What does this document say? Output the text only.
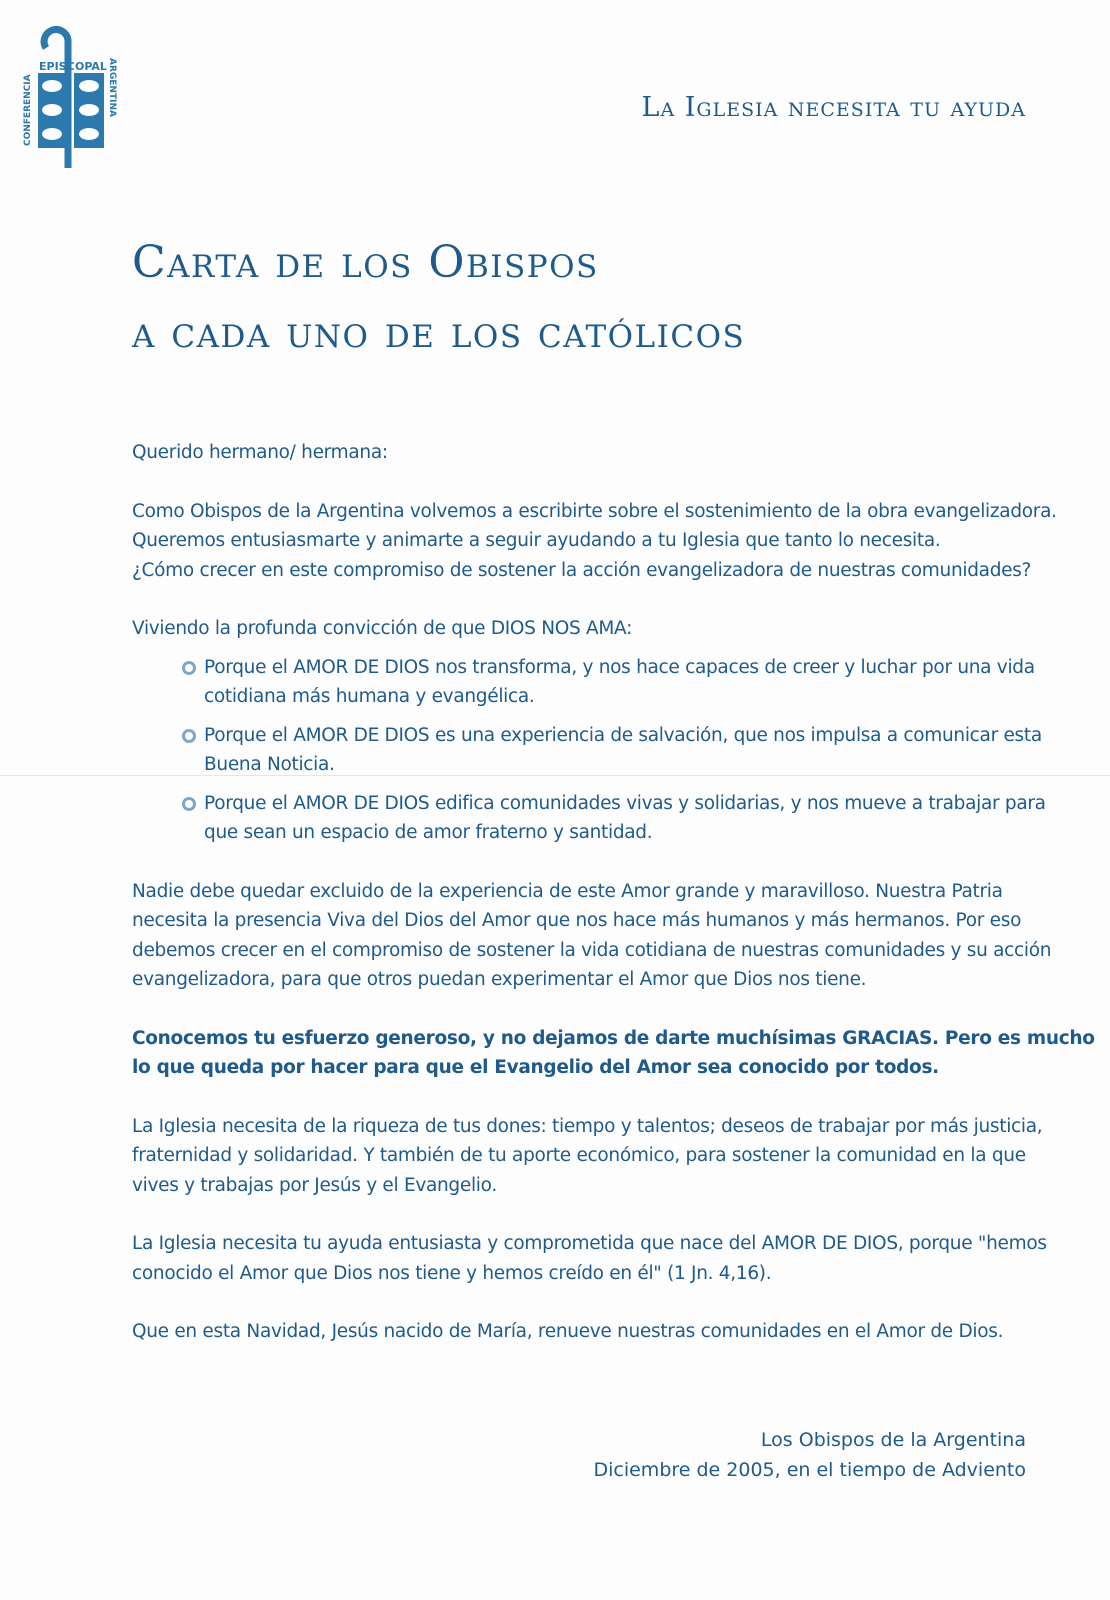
EPISC OPAL
CONFERENCIA	ARGENTINA	La Iglesia necesita tu ayuda
Carta de los Obispos
a cada uno de los católicos

Querido hermano/ hermana:

Como Obispos de la Argentina volvemos a escribirte sobre el sostenimiento de la obra evangelizadora.
Queremos entusiasmarte y animarte a seguir ayudando a tu Iglesia que tanto lo necesita.
¿Cómo crecer en este compromiso de sostener la acción evangelizadora de nuestras comunidades?

Viviendo la profunda convicción de que DIOS NOS AMA:

Porque el AMOR DE DIOS nos transforma, y nos hace capaces de creer y luchar por una vida
cotidiana más humana y evangélica.
Porque el AMOR DE DIOS es una experiencia de salvación, que nos impulsa a comunicar esta
Buena Noticia.
Porque el AMOR DE DIOS edifica comunidades vivas y solidarias, y nos mueve a trabajar para
que sean un espacio de amor fraterno y santidad.

Nadie debe quedar excluido de la experiencia de este Amor grande y maravilloso. Nuestra Patria
necesita la presencia Viva del Dios del Amor que nos hace más humanos y más hermanos. Por eso
debemos crecer en el compromiso de sostener la vida cotidiana de nuestras comunidades y su acción
evangelizadora, para que otros puedan experimentar el Amor que Dios nos tiene.

Conocemos tu esfuerzo generoso, y no dejamos de darte muchísimas GRACIAS. Pero es mucho
lo que queda por hacer para que el Evangelio del Amor sea conocido por todos.

La Iglesia necesita de la riqueza de tus dones: tiempo y talentos; deseos de trabajar por más justicia,
fraternidad y solidaridad. Y también de tu aporte económico, para sostener la comunidad en la que
vives y trabajas por Jesús y el Evangelio.

La Iglesia necesita tu ayuda entusiasta y comprometida que nace del AMOR DE DIOS, porque "hemos
conocido el Amor que Dios nos tiene y hemos creído en él" (1 Jn. 4,16).

Que en esta Navidad, Jesús nacido de María, renueve nuestras comunidades en el Amor de Dios.

Los Obispos de la Argentina
Diciembre de 2005, en el tiempo de Adviento
